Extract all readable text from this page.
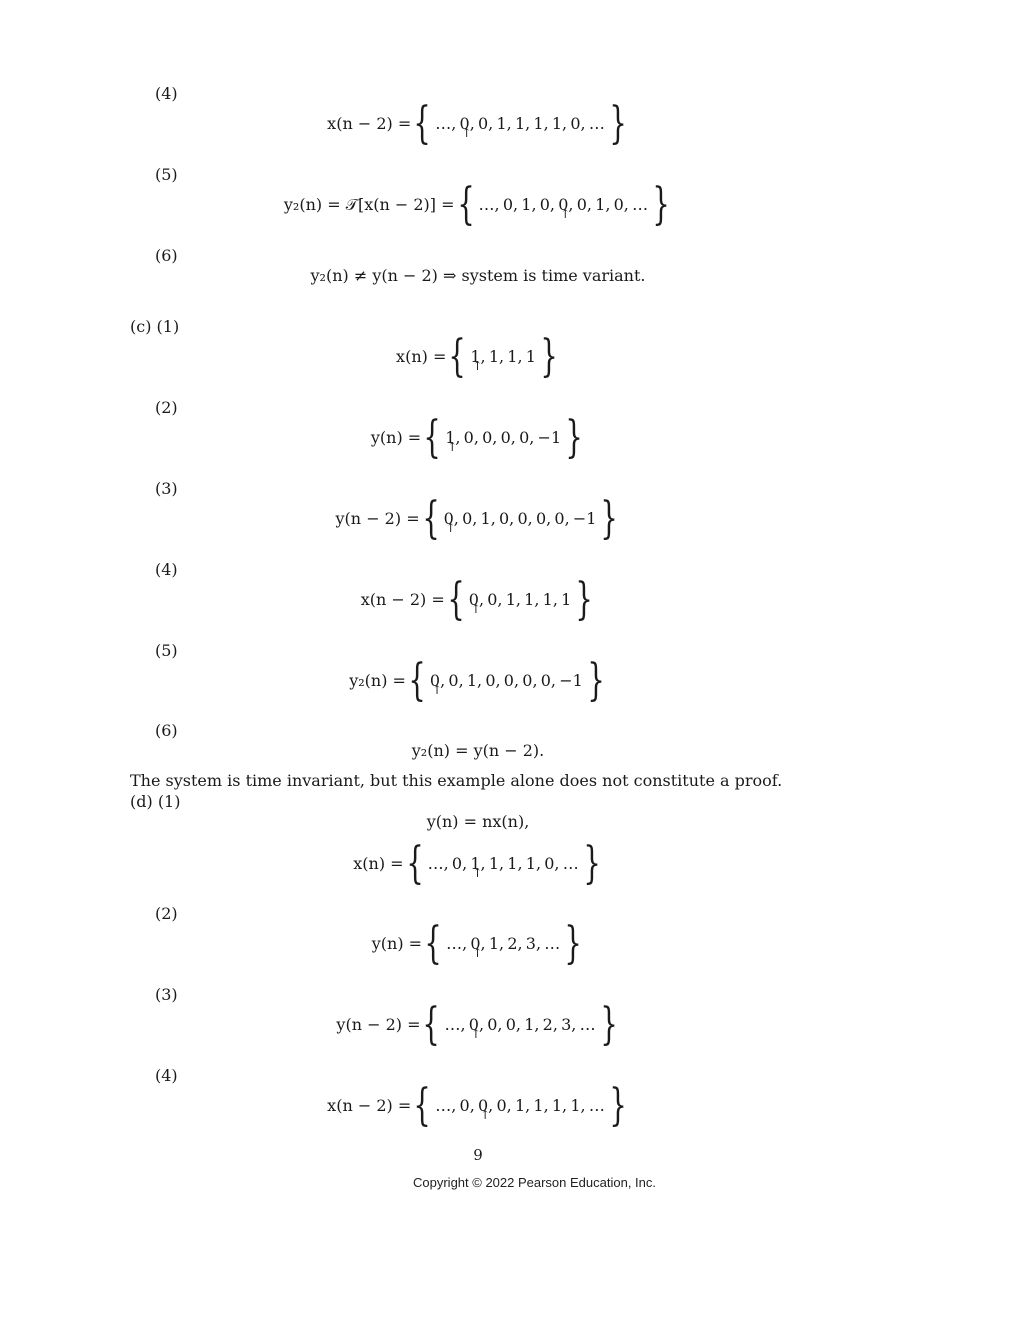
(4)
(5)
(6)
(c) (1)
(2)
(3)
(4)
(5)
(6)
(d) (1)
(2)
(3)
(4)
x(n − 2) = { …,
  0, ↑
  0,
  1,
  1,
  1,
  1,
  0,
  … }
y₂(n) = 𝒯[x(n − 2)] = { …,
  0,
  1,
  0,
  0, ↑
  0,
  1,
  0,
  … }
y₂(n) ≠ y(n − 2) ⇒ system is time variant.
x(n) = { 1, ↑
  1,
  1,
  1 }
y(n) = { 1, ↑
  0,
  0,
  0,
  0,
  −1 }
y(n − 2) = { 0, ↑
  0,
  1,
  0,
  0,
  0,
  0,
  −1 }
x(n − 2) = { 0, ↑
  0,
  1,
  1,
  1,
  1 }
y₂(n) = { 0, ↑
  0,
  1,
  0,
  0,
  0,
  0,
  −1 }
y₂(n) = y(n − 2).
The system is time invariant, but this example alone does not constitute a proof.
y(n) = nx(n),
x(n) = { …,
  0,
  1, ↑
  1,
  1,
  1,
  0,
  … }
y(n) = { …,
  0, ↑
  1,
  2,
  3,
  … }
y(n − 2) = { …,
  0, ↑
  0,
  0,
  1,
  2,
  3,
  … }
x(n − 2) = { …,
  0,
  0, ↑
  0,
  1,
  1,
  1,
  1,
  … }
9
Copyright © 2022 Pearson Education, Inc.
